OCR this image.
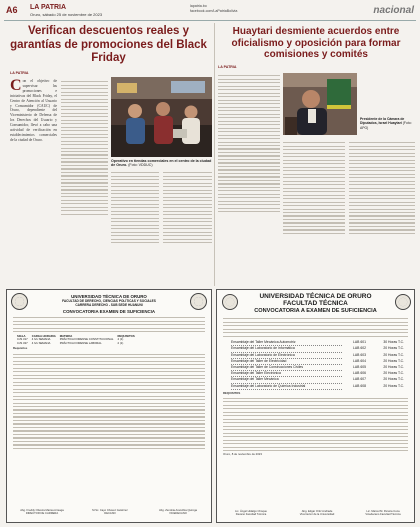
A6 LA PATRIA
Oruro, sábado 25 de noviembre de 2023
lapatria.bo
facebook.com/LaPatriaBolivia	nacional
Verifican descuentos reales y garantías de promociones del Black Friday
LA PATRIA
Con el objetivo de supervisar las promociones e iniciativas del Black Friday, el Centro de Atención al Usuario y Consumidor (CAUC) de Oruro, dependiente del Viceministerio de Defensa de los Derechos del Usuario y Consumidor, llevó a cabo una actividad de verificación en establecimientos comerciales de la ciudad de Oruro.
Operativo en tiendas comerciales en el centro de la ciudad de Oruro. (Foto: VDDUC)
Huaytari desmiente acuerdos entre oficialismo y oposición para formar comisiones y comités
LA PATRIA
Presidente de la Cámara de Diputados, Israel Huaytari (Foto: APG)
UNIVERSIDAD TÉCNICA DE ORURO
FACULTAD DE DERECHO, CIENCIAS POLÍTICAS Y SOCIALES
CARRERA DERECHO - SUB SEDE HUANUNI
CONVOCATORIA EXAMEN DE SUFICIENCIA
SIGLA	CARGA HORARIA	MATERIA	REQUISITOS
CJS 317	4 h/s SEMANA	PRÁCTICA FORENSE CONSTITUCIONAL	4 (1)
CJS 327	4 h/s SEMANA	PRÁCTICA FORENSE LABORAL	2 (1)
Requisitos
Abg. Freddy Oliveira Marisa Arreaga
DIRECTOR DE CARRERA
M.Sc. Cayo Chavez Gutiérrez
DECANO
Abg. Zenobia Arancibia Quiroga
VICEDECANO
UNIVERSIDAD TÉCNICA DE ORURO
FACULTAD TÉCNICA
CONVOCATORIA A EXAMEN DE SUFICIENCIA
Ensamblaje del Taller Mecánica Automotriz	LAB 601	30 Horas T.C.
Ensamblaje del Laboratorio de Informática	LAB 602	20 Horas T.C.
Ensamblaje del Laboratorio de Electrónica	LAB 603	20 Horas T.C.
Ensamblaje del Taller de Electricidad	LAB 604	20 Horas T.C.
Ensamblaje del Taller de Construcciones Civiles	LAB 605	20 Horas T.C.
Ensamblaje del Taller Electrónica	LAB 606	20 Horas T.C.
Ensamblaje del Taller Mecánica	LAB 607	20 Horas T.C.
Ensamblaje del Laboratorio de Química Industrial	LAB 608	20 Horas T.C.
REQUISITOS
Oruro, 8 de noviembre de 2023
Lic. Ángel Hidalgo Choque
Decano Facultad Técnica
Abg. Edgar Ortiz Andrade
Vicerrector de la Universidad
Lic. Marcel M. Pereira Coca
Vicedecano Facultad Técnica
